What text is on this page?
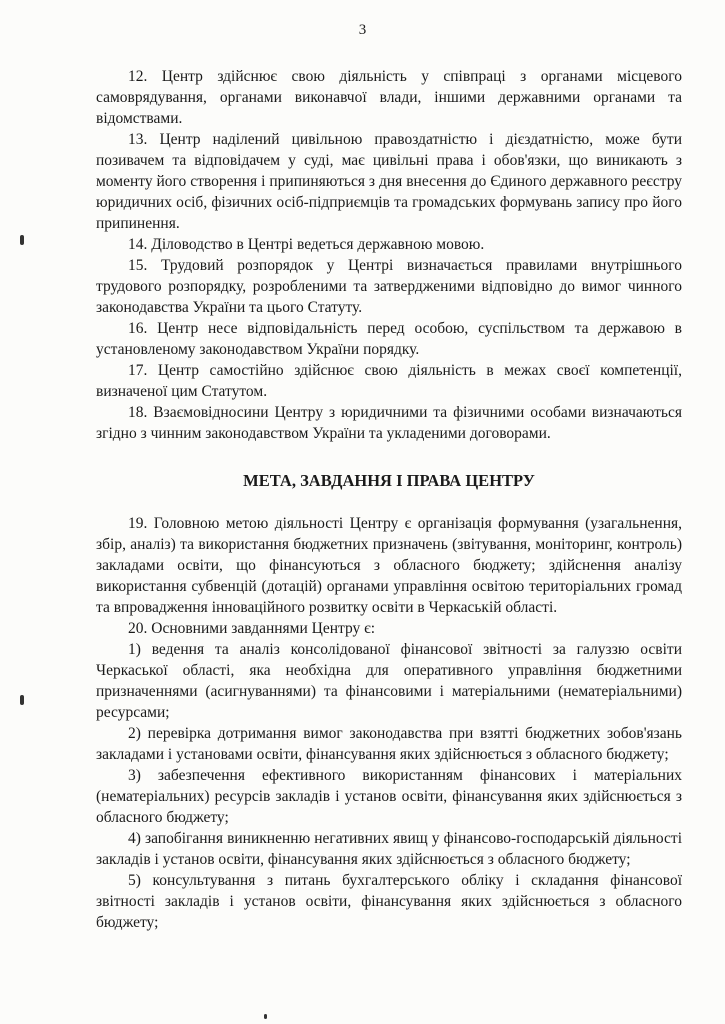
3

12. Центр здійснює свою діяльність у співпраці з органами місцевого самоврядування, органами виконавчої влади, іншими державними органами та відомствами.

13. Центр наділений цивільною правоздатністю і дієздатністю, може бути позивачем та відповідачем у суді, має цивільні права і обов'язки, що виникають з моменту його створення і припиняються з дня внесення до Єдиного державного реєстру юридичних осіб, фізичних осіб-підприємців та громадських формувань запису про його припинення.

14. Діловодство в Центрі ведеться державною мовою.

15. Трудовий розпорядок у Центрі визначається правилами внутрішнього трудового розпорядку, розробленими та затвердженими відповідно до вимог чинного законодавства України та цього Статуту.

16. Центр несе відповідальність перед особою, суспільством та державою в установленому законодавством України порядку.

17. Центр самостійно здійснює свою діяльність в межах своєї компетенції, визначеної цим Статутом.

18. Взаємовідносини Центру з юридичними та фізичними особами визначаються згідно з чинним законодавством України та укладеними договорами.

МЕТА, ЗАВДАННЯ І ПРАВА ЦЕНТРУ

19. Головною метою діяльності Центру є організація формування (узагальнення, збір, аналіз) та використання бюджетних призначень (звітування, моніторинг, контроль) закладами освіти, що фінансуються з обласного бюджету; здійснення аналізу використання субвенцій (дотацій) органами управління освітою територіальних громад та впровадження інноваційного розвитку освіти в Черкаській області.

20. Основними завданнями Центру є:

1) ведення та аналіз консолідованої фінансової звітності за галуззю освіти Черкаської області, яка необхідна для оперативного управління бюджетними призначеннями (асигнуваннями) та фінансовими і матеріальними (нематеріальними) ресурсами;

2) перевірка дотримання вимог законодавства при взятті бюджетних зобов'язань закладами і установами освіти, фінансування яких здійснюється з обласного бюджету;

3) забезпечення ефективного використанням фінансових і матеріальних (нематеріальних) ресурсів закладів і установ освіти, фінансування яких здійснюється з обласного бюджету;

4) запобігання виникненню негативних явищ у фінансово-господарській діяльності закладів і установ освіти, фінансування яких здійснюється з обласного бюджету;

5) консультування з питань бухгалтерського обліку і складання фінансової звітності закладів і установ освіти, фінансування яких здійснюється з обласного бюджету;
